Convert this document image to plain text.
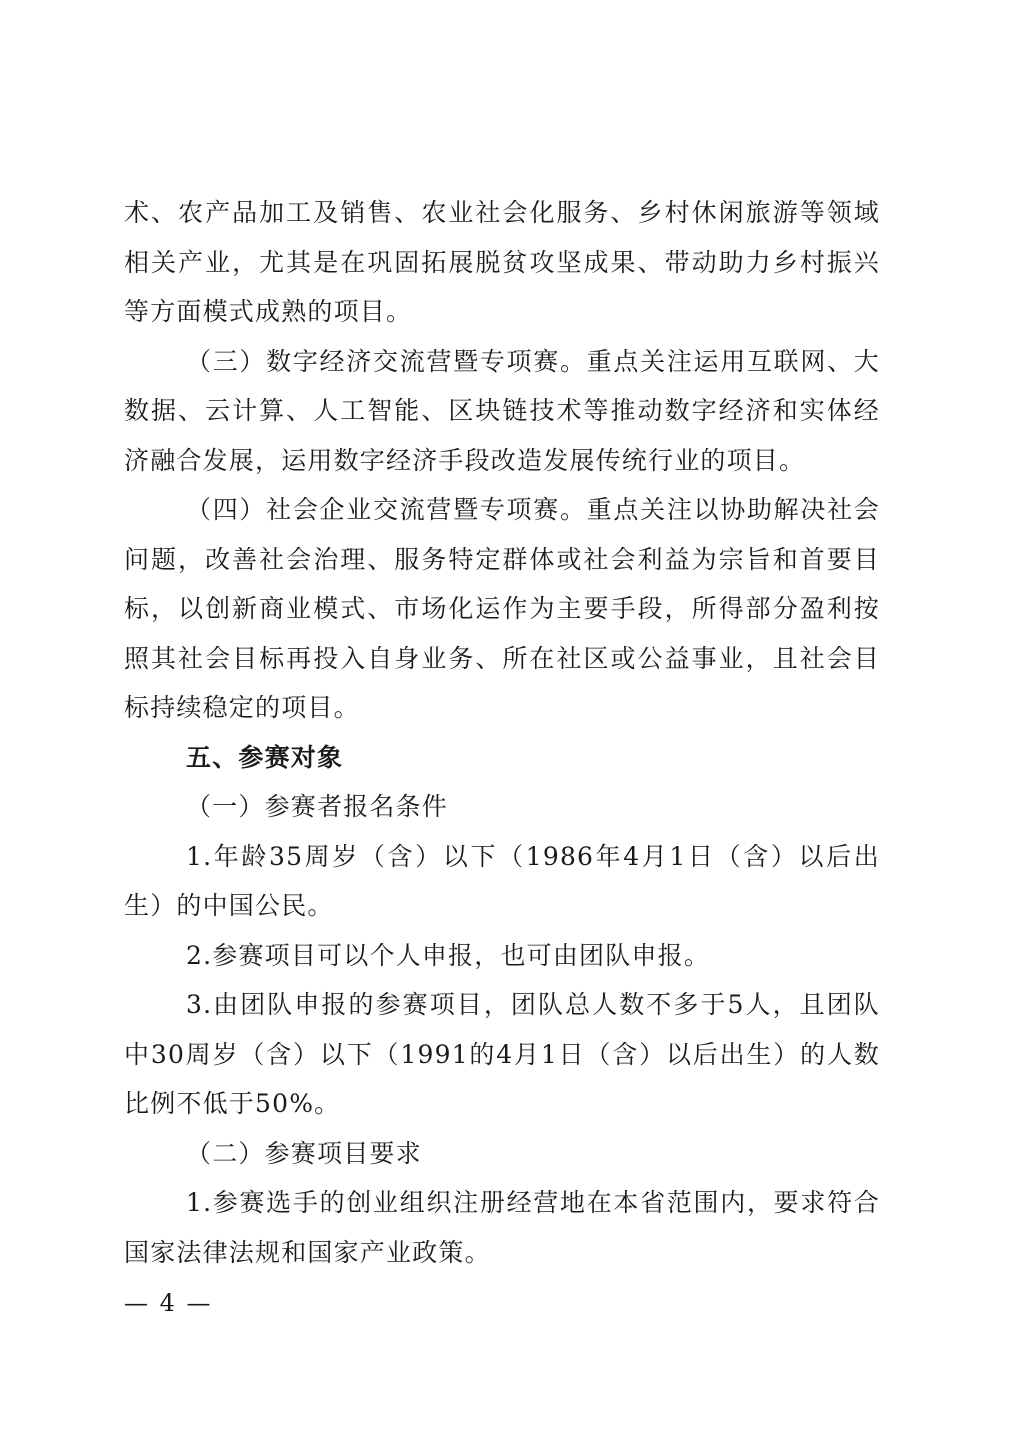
术、农产品加工及销售、农业社会化服务、乡村休闲旅游等领域相关产业，尤其是在巩固拓展脱贫攻坚成果、带动助力乡村振兴等方面模式成熟的项目。

（三）数字经济交流营暨专项赛。重点关注运用互联网、大数据、云计算、人工智能、区块链技术等推动数字经济和实体经济融合发展，运用数字经济手段改造发展传统行业的项目。

（四）社会企业交流营暨专项赛。重点关注以协助解决社会问题，改善社会治理、服务特定群体或社会利益为宗旨和首要目标，以创新商业模式、市场化运作为主要手段，所得部分盈利按照其社会目标再投入自身业务、所在社区或公益事业，且社会目标持续稳定的项目。

五、参赛对象

（一）参赛者报名条件

1.年龄35周岁（含）以下（1986年4月1日（含）以后出生）的中国公民。

2.参赛项目可以个人申报，也可由团队申报。

3.由团队申报的参赛项目，团队总人数不多于5人，且团队中30周岁（含）以下（1991的4月1日（含）以后出生）的人数比例不低于50%。

（二）参赛项目要求

1.参赛选手的创业组织注册经营地在本省范围内，要求符合国家法律法规和国家产业政策。

— 4 —
